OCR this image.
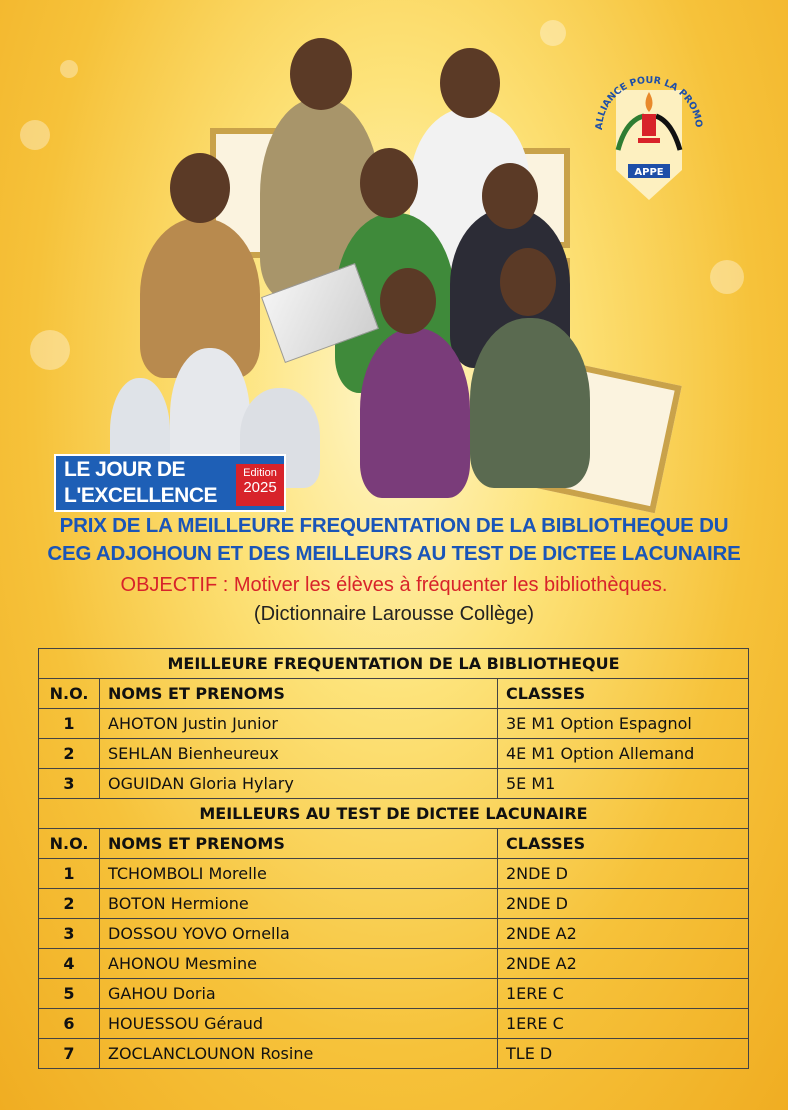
ALLIANCE POUR LA PROMO
APPE
LE JOUR DE
L'EXCELLENCE
Edition
2025
PRIX DE LA MEILLEURE FREQUENTATION DE LA BIBLIOTHEQUE DU
CEG ADJOHOUN ET DES MEILLEURS AU TEST DE DICTEE LACUNAIRE
OBJECTIF : Motiver les élèves à fréquenter les bibliothèques.
(Dictionnaire Larousse Collège)
MEILLEURE FREQUENTATION DE LA BIBLIOTHEQUE		
N.O.	NOMS ET PRENOMS	CLASSES
1	AHOTON Justin Junior	3E M1 Option Espagnol
2	SEHLAN Bienheureux	4E M1 Option Allemand
3	OGUIDAN Gloria Hylary	5E M1
MEILLEURS AU TEST DE DICTEE LACUNAIRE		
N.O.	NOMS ET PRENOMS	CLASSES
1	TCHOMBOLI Morelle	2NDE D
2	BOTON Hermione	2NDE D
3	DOSSOU YOVO Ornella	2NDE A2
4	AHONOU Mesmine	2NDE A2
5	GAHOU Doria	1ERE C
6	HOUESSOU Géraud	1ERE C
7	ZOCLANCLOUNON Rosine	TLE D
